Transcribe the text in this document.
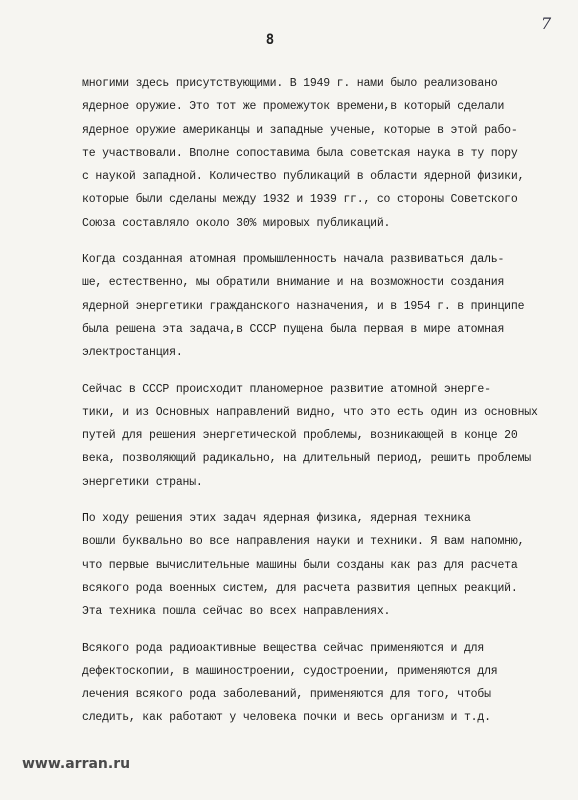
7
8
многими здесь присутствующими. В 1949 г. нами было реализовано
ядерное оружие. Это тот же промежуток времени,в который сделали
ядерное оружие американцы и западные ученые, которые в этой рабо-
те участвовали. Вполне сопоставима была советская наука в ту пору
с наукой западной. Количество публикаций в области ядерной физики,
которые были сделаны между 1932 и 1939 гг., со стороны Советского
Союза составляло около 30% мировых публикаций.
Когда созданная атомная промышленность начала развиваться даль-
ше, естественно, мы обратили внимание и на возможности создания
ядерной энергетики гражданского назначения, и в 1954 г. в принципе
была решена эта задача,в СССР пущена была первая в мире атомная
электростанция.
Сейчас в СССР происходит планомерное развитие атомной энергe-
тики, и из Основных направлений видно, что это есть один из основных
путей для решения энергетической проблемы, возникающей в конце 20
века, позволяющий радикально, на длительный период, решить проблемы
энергетики страны.
По ходу решения этих задач ядерная физика, ядерная техника
вошли буквально во все направления науки и техники. Я вам напомню,
что первые вычислительные машины были созданы как раз для расчета
всякого рода военных систем, для расчета развития цепных реакций.
Эта техника пошла сейчас во всех направлениях.
Всякого рода радиоактивные вещества сейчас применяются и для
дефектоскопии, в машиностроении, судостроении, применяются для
лечения всякого рода заболеваний, применяются для того, чтобы
следить, как работают у человека почки и весь организм и т.д.
www.arran.ru
